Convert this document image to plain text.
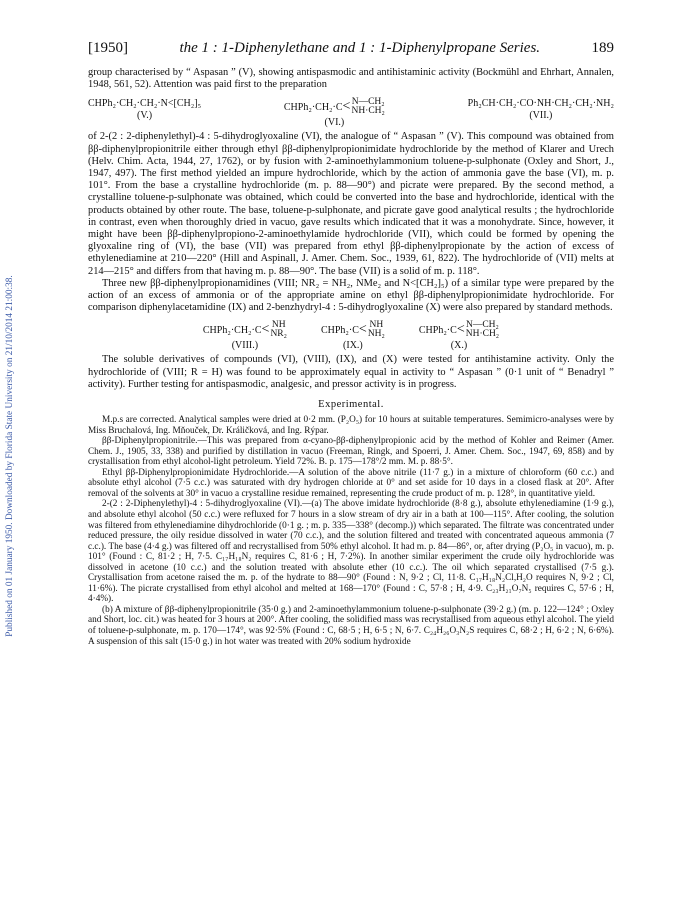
Published on 01 January 1950. Downloaded by Florida State University on 21/10/2014 21:00:38.
[1950]	the 1 : 1-Diphenylethane and 1 : 1-Diphenylpropane Series.	189

group characterised by “ Aspasan ” (V), showing antispasmodic and antihistaminic activity (Bockmühl and Ehrhart, Annalen, 1948, 561, 52). Attention was paid first to the preparation

CHPh₂·CH₂·CH₂·N<[CH₂]₅
(V.)
CHPh₂·CH₂·C < N—CH₂
NH·CH₂
(VI.)
Ph₂CH·CH₂·CO·NH·CH₂·CH₂·NH₂
(VII.)

of 2-(2 : 2-diphenylethyl)-4 : 5-dihydroglyoxaline (VI), the analogue of “ Aspasan ” (V). This compound was obtained from ββ-diphenylpropionitrile either through ethyl ββ-diphenylpropionimidate hydrochloride by the method of Klarer and Urech (Helv. Chim. Acta, 1944, 27, 1762), or by fusion with 2-aminoethylammonium toluene-p-sulphonate (Oxley and Short, J., 1947, 497). The first method yielded an impure hydrochloride, which by the action of ammonia gave the base (VI), m. p. 101°. From the base a crystalline hydrochloride (m. p. 88—90°) and picrate were prepared. By the second method, a crystalline toluene-p-sulphonate was obtained, which could be converted into the base and hydrochloride, identical with the products obtained by other route. The base, toluene-p-sulphonate, and picrate gave good analytical results ; the hydrochloride in contrast, even when thoroughly dried in vacuo, gave results which indicated that it was a monohydrate. Since, however, it might have been ββ-diphenylpropiono-2-aminoethylamide hydrochloride (VII), which could be formed by opening the glyoxaline ring of (VI), the base (VII) was prepared from ethyl ββ-diphenylpropionate by the action of excess of ethylenediamine at 210—220° (Hill and Aspinall, J. Amer. Chem. Soc., 1939, 61, 822). The hydrochloride of (VII) melts at 214—215° and differs from that having m. p. 88—90°. The base (VII) is a solid of m. p. 118°.

Three new ββ-diphenylpropionamidines (VIII; NR₂ = NH₂, NMe₂ and N<[CH₂]₅) of a similar type were prepared by the action of an excess of ammonia or of the appropriate amine on ethyl ββ-diphenylpropionimidate hydrochloride. For comparison diphenylacetamidine (IX) and 2-benzhydryl-4 : 5-dihydroglyoxaline (X) were also prepared by standard methods.

CHPh₂·CH₂·C < NH
NR₂
(VIII.)
CHPh₂·C < NH
NH₂
(IX.)
CHPh₂·C < N—CH₂
NH·CH₂
(X.)

The soluble derivatives of compounds (VI), (VIII), (IX), and (X) were tested for antihistamine activity. Only the hydrochloride of (VIII; R = H) was found to be approximately equal in activity to “ Aspasan ” (0·1 unit of “ Benadryl ” activity). Further testing for antispasmodic, analgesic, and pressor activity is in progress.

Experimental.

M.p.s are corrected. Analytical samples were dried at 0·2 mm. (P₂O₅) for 10 hours at suitable temperatures. Semimicro-analyses were by Miss Bruchalová, Ing. Mňouček, Dr. Králičková, and Ing. Rýpar.

ββ-Diphenylpropionitrile.—This was prepared from α-cyano-ββ-diphenylpropionic acid by the method of Kohler and Reimer (Amer. Chem. J., 1905, 33, 338) and purified by distillation in vacuo (Freeman, Ringk, and Spoerri, J. Amer. Chem. Soc., 1947, 69, 858) and by crystallisation from ethyl alcohol-light petroleum. Yield 72%. B. p. 175—178°/2 mm. M. p. 88·5°.

Ethyl ββ-Diphenylpropionimidate Hydrochloride.—A solution of the above nitrile (11·7 g.) in a mixture of chloroform (60 c.c.) and absolute ethyl alcohol (7·5 c.c.) was saturated with dry hydrogen chloride at 0° and set aside for 10 days in a closed flask at 20°. After removal of the solvents at 30° in vacuo a crystalline residue remained, representing the crude product of m. p. 128°, in quantitative yield.

2-(2 : 2-Diphenylethyl)-4 : 5-dihydroglyoxaline (VI).—(a) The above imidate hydrochloride (8·8 g.), absolute ethylenediamine (1·9 g.), and absolute ethyl alcohol (50 c.c.) were refluxed for 7 hours in a slow stream of dry air in a bath at 100—115°. After cooling, the solution was filtered from ethylenediamine dihydrochloride (0·1 g. ; m. p. 335—338° (decomp.)) which separated. The filtrate was concentrated under reduced pressure, the oily residue dissolved in water (70 c.c.), and the solution filtered and treated with concentrated aqueous ammonia (7 c.c.). The base (4·4 g.) was filtered off and recrystallised from 50% ethyl alcohol. It had m. p. 84—86°, or, after drying (P₂O₅ in vacuo), m. p. 101° (Found : C, 81·2 ; H, 7·5. C₁₇H₁₈N₂ requires C, 81·6 ; H, 7·2%). In another similar experiment the crude oily hydrochloride was dissolved in acetone (10 c.c.) and the solution treated with absolute ether (10 c.c.). The oil which separated crystallised (7·5 g.). Crystallisation from acetone raised the m. p. of the hydrate to 88—90° (Found : N, 9·2 ; Cl, 11·8. C₁₇H₁₈N₂Cl,H₂O requires N, 9·2 ; Cl, 11·6%). The picrate crystallised from ethyl alcohol and melted at 168—170° (Found : C, 57·8 ; H, 4·9. C₂₃H₂₁O₇N₅ requires C, 57·6 ; H, 4·4%).

(b) A mixture of ββ-diphenylpropionitrile (35·0 g.) and 2-aminoethylammonium toluene-p-sulphonate (39·2 g.) (m. p. 122—124° ; Oxley and Short, loc. cit.) was heated for 3 hours at 200°. After cooling, the solidified mass was recrystallised from aqueous ethyl alcohol. The yield of toluene-p-sulphonate, m. p. 170—174°, was 92·5% (Found : C, 68·5 ; H, 6·5 ; N, 6·7. C₂₄H₂₆O₃N₂S requires C, 68·2 ; H, 6·2 ; N, 6·6%). A suspension of this salt (15·0 g.) in hot water was treated with 20% sodium hydroxide
